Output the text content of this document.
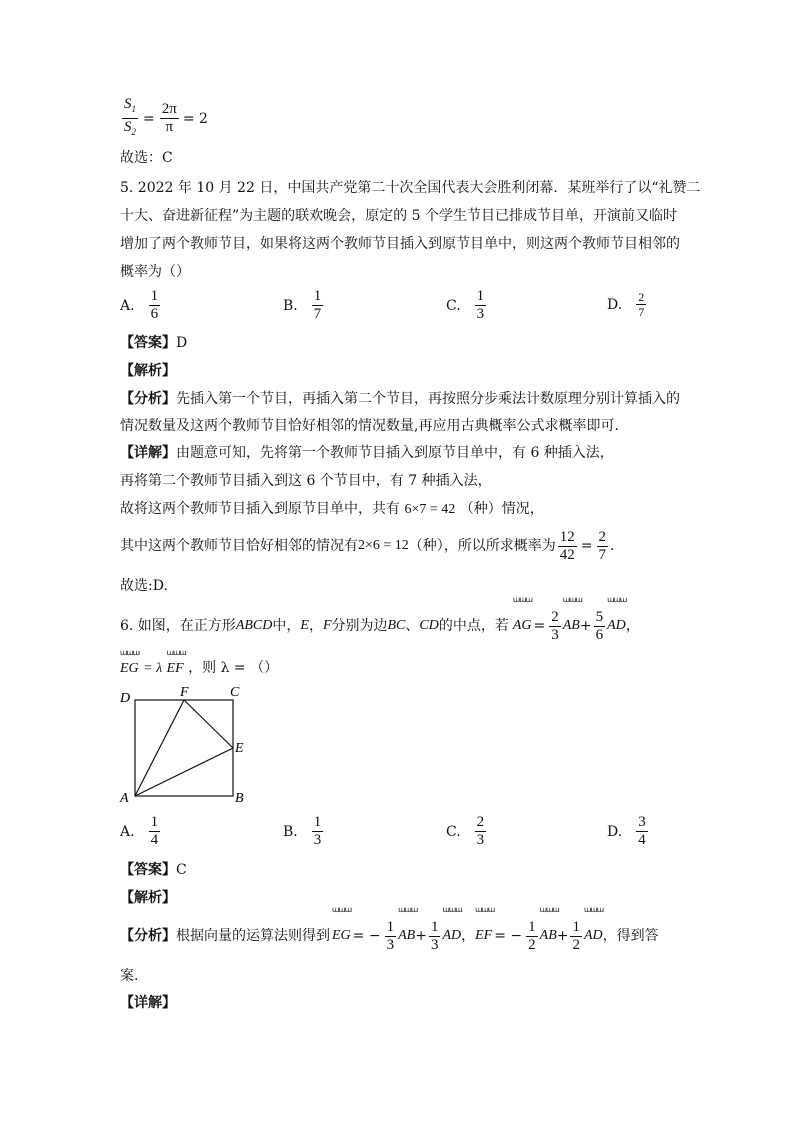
$\frac{S_1}{S_2} = \frac{2\pi}{\pi} = 2$
故选：C
5. 2022 年 10 月 22 日，中国共产党第二十次全国代表大会胜利闭幕．某班举行了以“礼赞二
十大、奋进新征程”为主题的联欢晚会，原定的 5 个学生节目已排成节目单，开演前又临时
增加了两个教师节目，如果将这两个教师节目插入到原节目单中，则这两个教师节目相邻的
概率为（）
A. $\frac{1}{6}$	B. $\frac{1}{7}$	C. $\frac{1}{3}$	D. $\frac{2}{7}$
【答案】D
【解析】
【分析】先插入第一个节目，再插入第二个节目，再按照分步乘法计数原理分别计算插入的
情况数量及这两个教师节目恰好相邻的情况数量,再应用古典概率公式求概率即可.
【详解】由题意可知，先将第一个教师节目插入到原节目单中，有 6 种插入法，
再将第二个教师节目插入到这 6 个节目中，有 7 种插入法，
故将这两个教师节目插入到原节目单中，共有 6×7 = 42 （种）情况，
其中这两个教师节目恰好相邻的情况有 2×6 = 12 （种），所以所求概率为 $\frac{12}{42} = \frac{2}{7}$ .
故选:D.
6. 如图，在正方形 ABCD 中， E ， F 分别为边 BC 、 CD 的中点，若
ꭐꭐꭐ
AG = $\frac{2}{3}$
ꭐꭐꭐ
AB + $\frac{5}{6}$
ꭐꭐꭐ
AD ，
ꭐꭐꭐ
EG = λ
ꭐꭐꭐ
EF ，则 λ = （）
D	F	C
E
A	B
A. $\frac{1}{4}$	B. $\frac{1}{3}$	C. $\frac{2}{3}$	D. $\frac{3}{4}$
【答案】C
【解析】
【分析】 根据向量的运算法则得到
ꭐꭐꭐ
EG = − $\frac{1}{3}$
ꭐꭐꭐ
AB + $\frac{1}{3}$
ꭐꭐꭐ
AD ，
ꭐꭐꭐ
EF = − $\frac{1}{2}$
ꭐꭐꭐ
AB + $\frac{1}{2}$
ꭐꭐꭐ
AD ，得到答
案.
【详解】
